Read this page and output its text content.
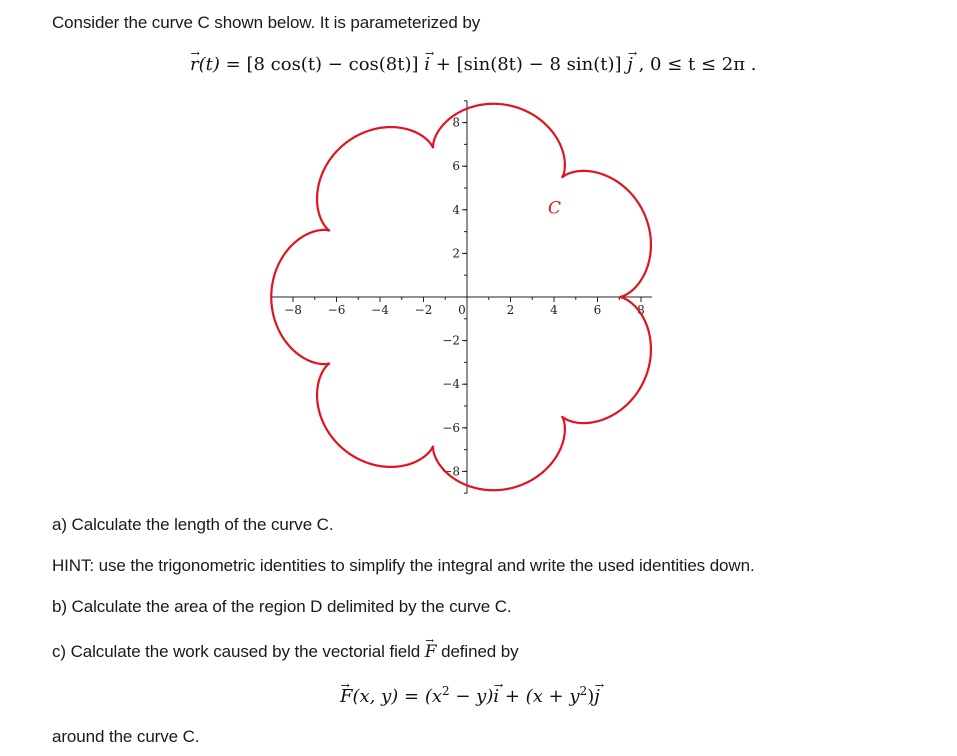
Consider the curve C shown below. It is parameterized by
→ r(t) = [8 cos(t) − cos(8t)] → i + [sin(8t) − 8 sin(t)] → j , 0 ≤ t ≤ 2π .
−8 −6 −4 −2 0	2	4	6	8
8
6
4
2
−2
−4
−6
−8
C
a) Calculate the length of the curve C.
HINT: use the trigonometric identities to simplify the integral and write the used identities down.
b) Calculate the area of the region D delimited by the curve C.
c) Calculate the work caused by the vectorial field → F defined by
→ F(x, $y) = (x^2 - y)\to i + (x + y^2)\to j$
around the curve C.
